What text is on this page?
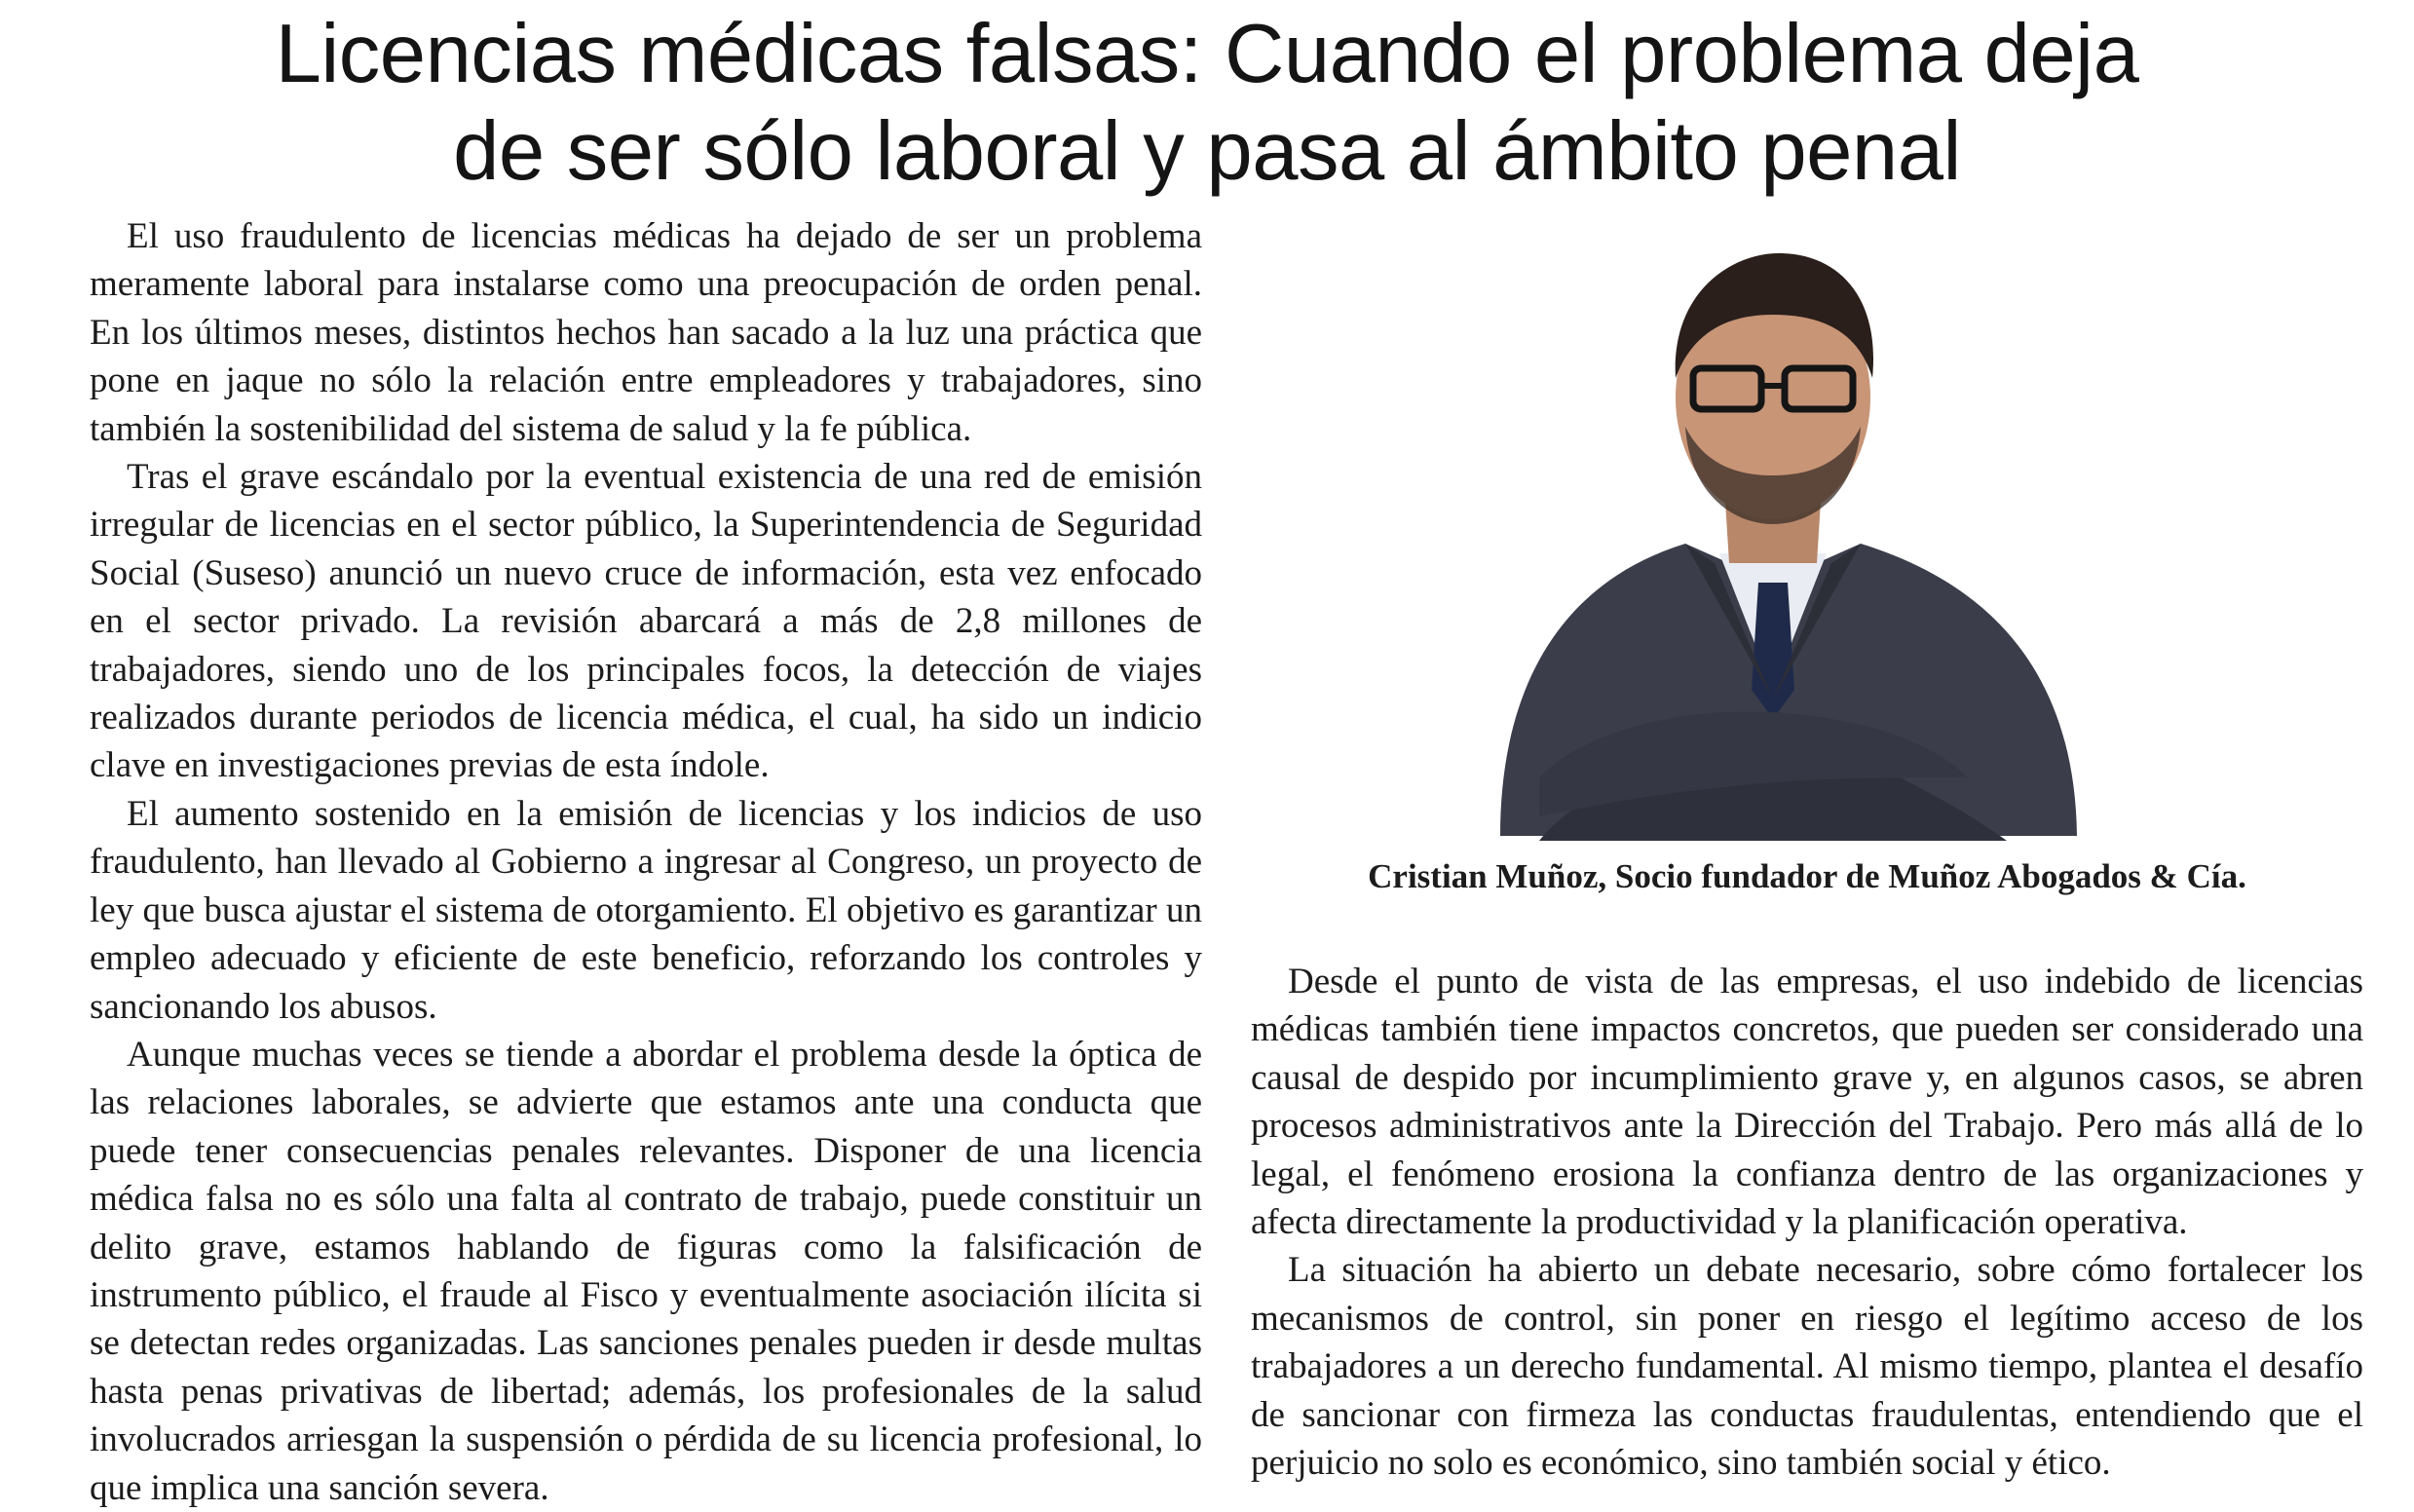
Licencias médicas falsas: Cuando el problema deja
de ser sólo laboral y pasa al ámbito penal

El uso fraudulento de licencias médicas ha dejado de ser un problema meramente laboral para instalarse como una preocupación de orden penal. En los últimos meses, distintos hechos han sacado a la luz una práctica que pone en jaque no sólo la relación entre empleadores y trabajadores, sino también la sostenibilidad del sistema de salud y la fe pública.

Tras el grave escándalo por la eventual existencia de una red de emisión irregular de licencias en el sector público, la Superintendencia de Seguridad Social (Suseso) anunció un nuevo cruce de información, esta vez enfocado en el sector privado. La revisión abarcará a más de 2,8 millones de trabajadores, siendo uno de los principales focos, la detección de viajes realizados durante periodos de licencia médica, el cual, ha sido un indicio clave en investigaciones previas de esta índole.

El aumento sostenido en la emisión de licencias y los indicios de uso fraudulento, han llevado al Gobierno a ingresar al Congreso, un proyecto de ley que busca ajustar el sistema de otorgamiento. El objetivo es garantizar un empleo adecuado y eficiente de este beneficio, reforzando los controles y sancionando los abusos.

Aunque muchas veces se tiende a abordar el problema desde la óptica de las relaciones laborales, se advierte que estamos ante una conducta que puede tener consecuencias penales relevantes. Disponer de una licencia médica falsa no es sólo una falta al contrato de trabajo, puede constituir un delito grave, estamos hablando de figuras como la falsificación de instrumento público, el fraude al Fisco y eventualmente asociación ilícita si se detectan redes organizadas. Las sanciones penales pueden ir desde multas hasta penas privativas de libertad; además, los profesionales de la salud involucrados arriesgan la suspensión o pérdida de su licencia profesional, lo que implica una sanción severa.

Cristian Muñoz, Socio fundador de Muñoz Abogados & Cía.

Desde el punto de vista de las empresas, el uso indebido de licencias médicas también tiene impactos concretos, que pueden ser considerado una causal de despido por incumplimiento grave y, en algunos casos, se abren procesos administrativos ante la Dirección del Trabajo. Pero más allá de lo legal, el fenómeno erosiona la confianza dentro de las organizaciones y afecta directamente la productividad y la planificación operativa.

La situación ha abierto un debate necesario, sobre cómo fortalecer los mecanismos de control, sin poner en riesgo el legítimo acceso de los trabajadores a un derecho fundamental. Al mismo tiempo, plantea el desafío de sancionar con firmeza las conductas fraudulentas, entendiendo que el perjuicio no solo es económico, sino también social y ético.
